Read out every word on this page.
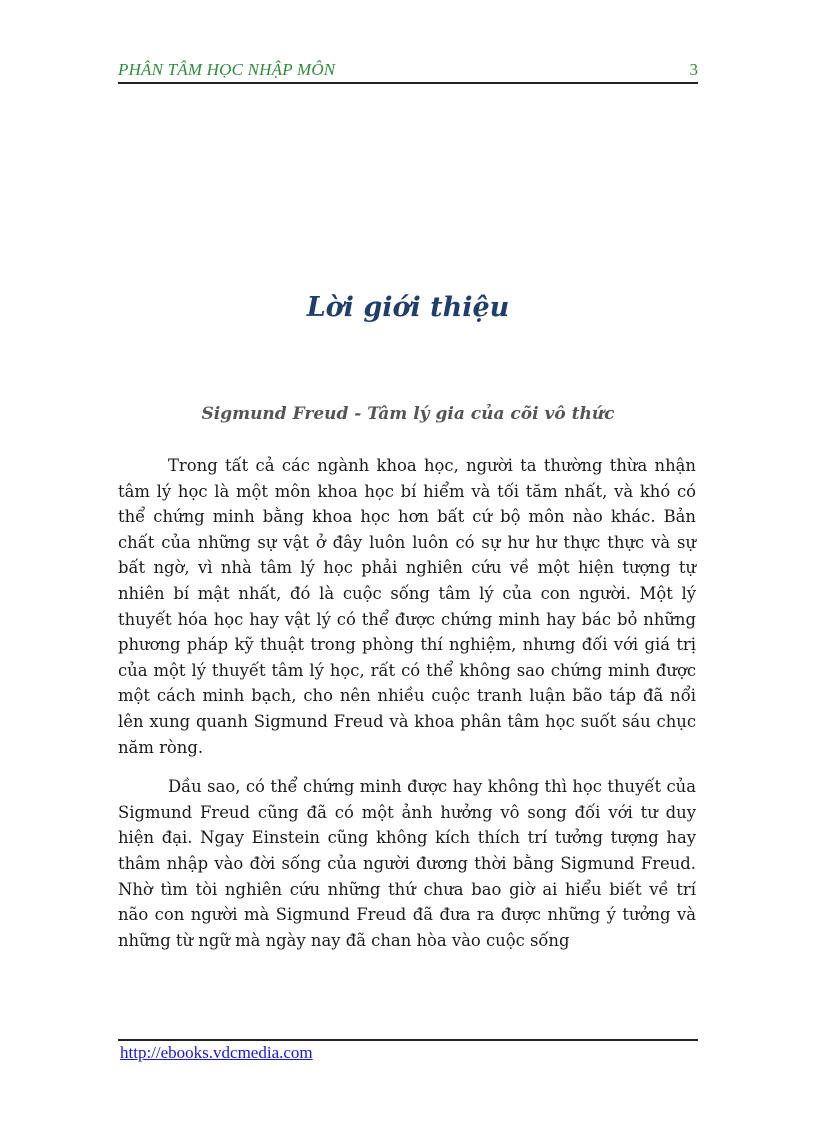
PHÂN TÂM HỌC NHẬP MÔN	3
Lời giới thiệu
Sigmund Freud - Tâm lý gia của cõi vô thức

Trong tất cả các ngành khoa học, người ta thường thừa nhận tâm lý học là một môn khoa học bí hiểm và tối tăm nhất, và khó có thể chứng minh bằng khoa học hơn bất cứ bộ môn nào khác. Bản chất của những sự vật ở đây luôn luôn có sự hư hư thực thực và sự bất ngờ, vì nhà tâm lý học phải nghiên cứu về một hiện tượng tự nhiên bí mật nhất, đó là cuộc sống tâm lý của con người. Một lý thuyết hóa học hay vật lý có thể được chứng minh hay bác bỏ những phương pháp kỹ thuật trong phòng thí nghiệm, nhưng đối với giá trị của một lý thuyết tâm lý học, rất có thể không sao chứng minh được một cách minh bạch, cho nên nhiều cuộc tranh luận bão táp đã nổi lên xung quanh Sigmund Freud và khoa phân tâm học suốt sáu chục năm ròng.

Dầu sao, có thể chứng minh được hay không thì học thuyết của Sigmund Freud cũng đã có một ảnh hưởng vô song đối với tư duy hiện đại. Ngay Einstein cũng không kích thích trí tưởng tượng hay thâm nhập vào đời sống của người đương thời bằng Sigmund Freud. Nhờ tìm tòi nghiên cứu những thứ chưa bao giờ ai hiểu biết về trí não con người mà Sigmund Freud đã đưa ra được những ý tưởng và những từ ngữ mà ngày nay đã chan hòa vào cuộc sống

http://ebooks.vdcmedia.com
